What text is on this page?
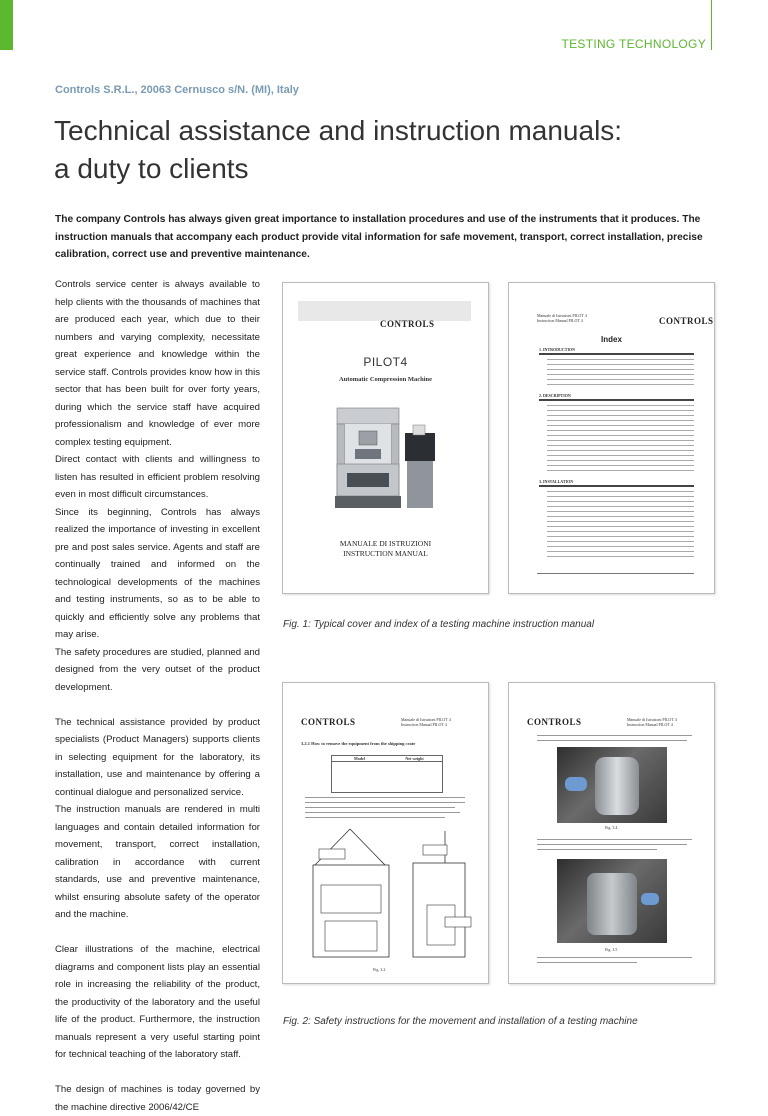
TESTING TECHNOLOGY
Controls S.R.L., 20063 Cernusco s/N. (MI), Italy
Technical assistance and instruction manuals:
a duty to clients

The company Controls has always given great importance to installation procedures and use of the instruments that it produces. The instruction manuals that accompany each product provide vital information for safe movement, transport, correct installation, precise calibration, correct use and preventive maintenance.

Controls service center is always available to help clients with the thousands of machines that are produced each year, which due to their numbers and varying complexity, necessitate great experience and knowledge within the service staff. Controls provides know how in this sector that has been built for over forty years, during which the service staff have acquired professionalism and knowledge of ever more complex testing equipment.

Direct contact with clients and willingness to listen has resulted in efficient problem resolving even in most difficult circumstances.

Since its beginning, Controls has always realized the importance of investing in excellent pre and post sales service. Agents and staff are continually trained and informed on the technological developments of the machines and testing instruments, so as to be able to quickly and efficiently solve any problems that may arise.

The safety procedures are studied, planned and designed from the very outset of the product development.

The technical assistance provided by product specialists (Product Managers) supports clients in selecting equipment for the laboratory, its installation, use and maintenance by offering a continual dialogue and personalized service.

The instruction manuals are rendered in multi languages and contain detailed information for movement, transport, correct installation, calibration in accordance with current standards, use and preventive maintenance, whilst ensuring absolute safety of the operator and the machine.

Clear illustrations of the machine, electrical diagrams and component lists play an essential role in increasing the reliability of the product, the productivity of the laboratory and the useful life of the product. Furthermore, the instruction manuals represent a very useful starting point for technical teaching of the laboratory staff.

The design of machines is today governed by the machine directive 2006/42/CE

CONTROLS
PILOT4
Automatic Compression Machine
MANUALE DI ISTRUZIONI
INSTRUCTION MANUAL
Manuale di Istruzioni PILOT 4
Instruction Manual PILOT 4	CONTROLS
Index
1. INTRODUCTION
2. DESCRIPTION
3. INSTALLATION
Fig. 1: Typical cover and index of a testing machine instruction manual
CONTROLS	Manuale di Istruzioni PILOT 4
Instruction Manual PILOT 4
3.2.1 How to remove the equipment from the shipping crate
Model	Net weight
Fig. 3.2
CONTROLS	Manuale di Istruzioni PILOT 4
Instruction Manual PILOT 4
Fig. 3.4
Fig. 3.5
Fig. 2: Safety instructions for the movement and installation of a testing machine
